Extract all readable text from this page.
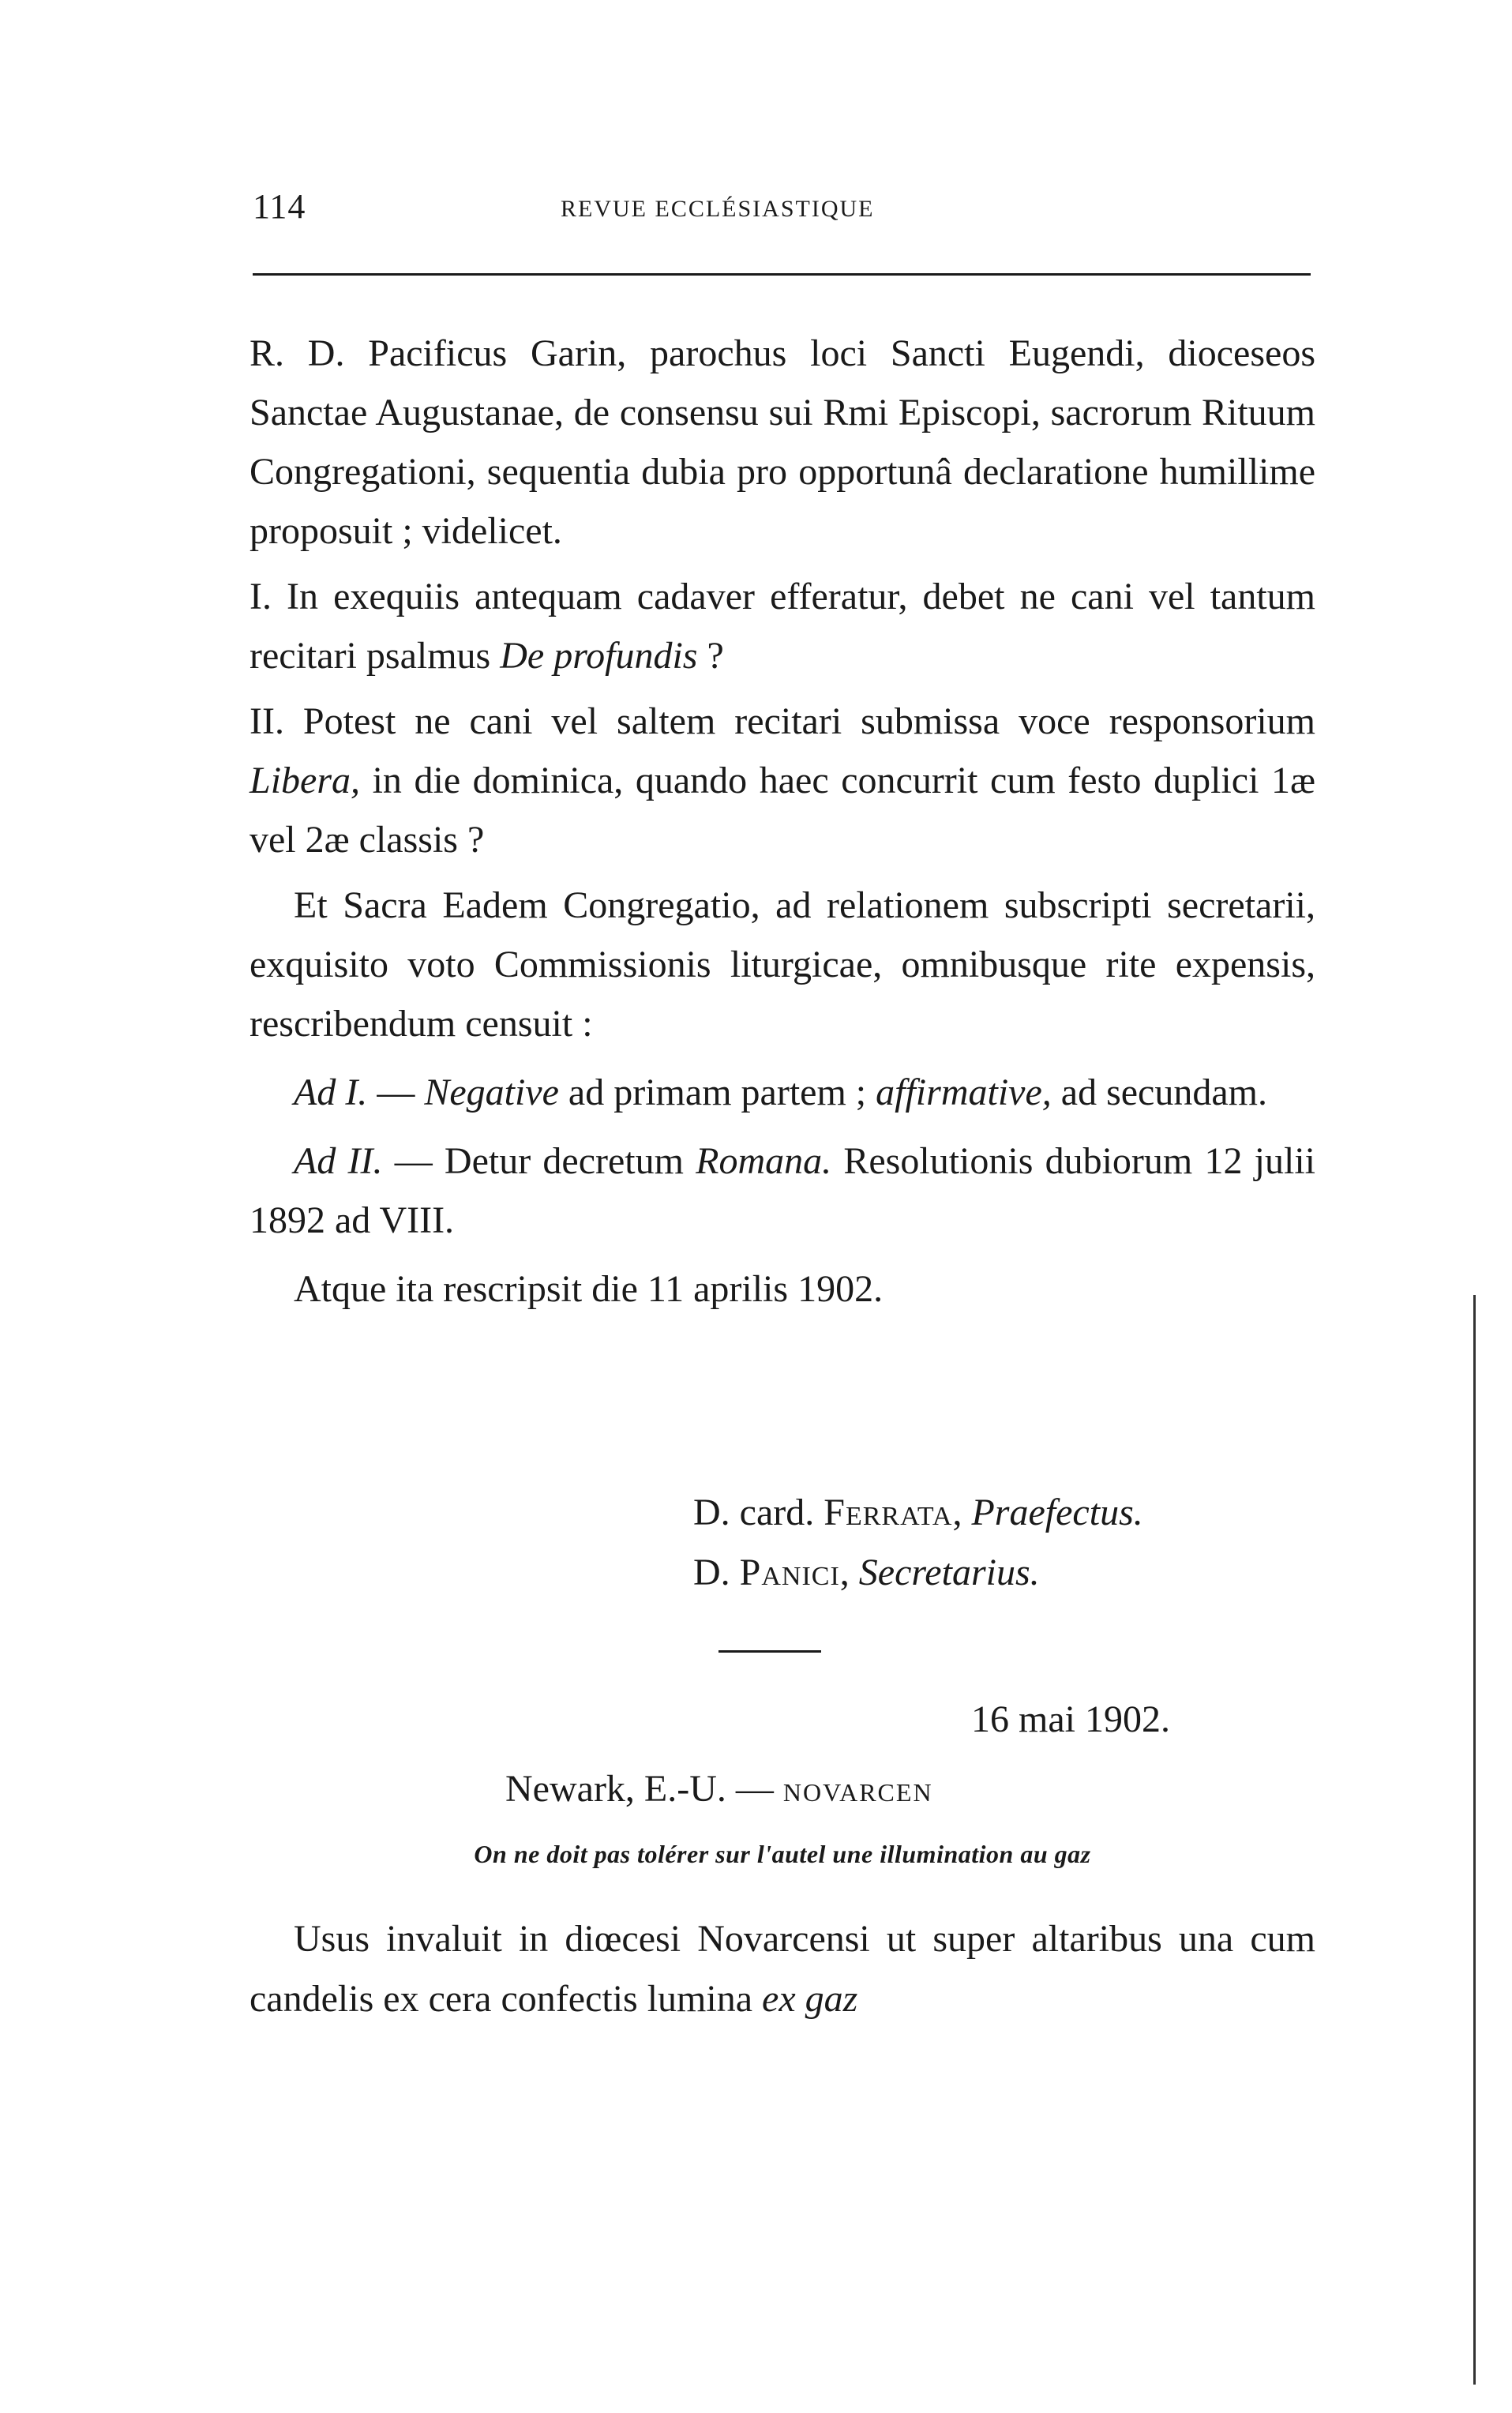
114	REVUE ECCLÉSIASTIQUE

R. D. Pacificus Garin, parochus loci Sancti Eugendi, dioceseos Sanctae Augustanae, de consensu sui Rmi Episcopi, sacrorum Rituum Congregationi, sequentia dubia pro opportunâ declaratione humillime proposuit ; videlicet.

I. In exequiis antequam cadaver efferatur, debet ne cani vel tantum recitari psalmus De profundis ?

II. Potest ne cani vel saltem recitari submissa voce responsorium Libera, in die dominica, quando haec concurrit cum festo duplici 1æ vel 2æ classis ?

Et Sacra Eadem Congregatio, ad relationem subscripti secretarii, exquisito voto Commissionis liturgicae, omnibusque rite expensis, rescribendum censuit :

Ad I. — Negative ad primam partem ; affirmative, ad secundam.

Ad II. — Detur decretum Romana. Resolutionis dubiorum 12 julii 1892 ad VIII.

Atque ita rescripsit die 11 aprilis 1902.

D. card. Ferrata, Praefectus.
D. Panici, Secretarius.
16 mai 1902.
Newark, E.-U. — NOVARCEN
On ne doit pas tolérer sur l'autel une illumination au gaz

Usus invaluit in diœcesi Novarcensi ut super altaribus una cum candelis ex cera confectis lumina ex gaz
